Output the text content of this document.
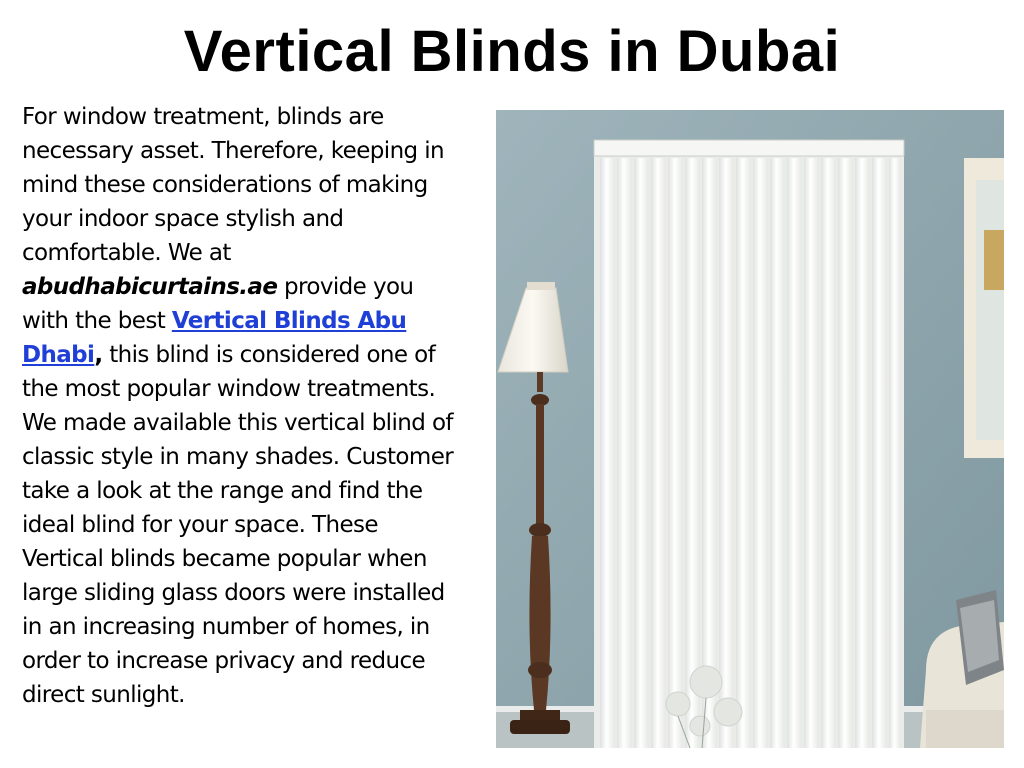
Vertical Blinds in Dubai
For window treatment, blinds are necessary asset. Therefore, keeping in mind these considerations of making your indoor space stylish and comfortable. We at abudhabicurtains.ae provide you with the best Vertical Blinds Abu Dhabi, this blind is considered one of the most popular window treatments. We made available this vertical blind of classic style in many shades. Customer take a look at the range and find the ideal blind for your space. These Vertical blinds became popular when large sliding glass doors were installed in an increasing number of homes, in order to increase privacy and reduce direct sunlight.
